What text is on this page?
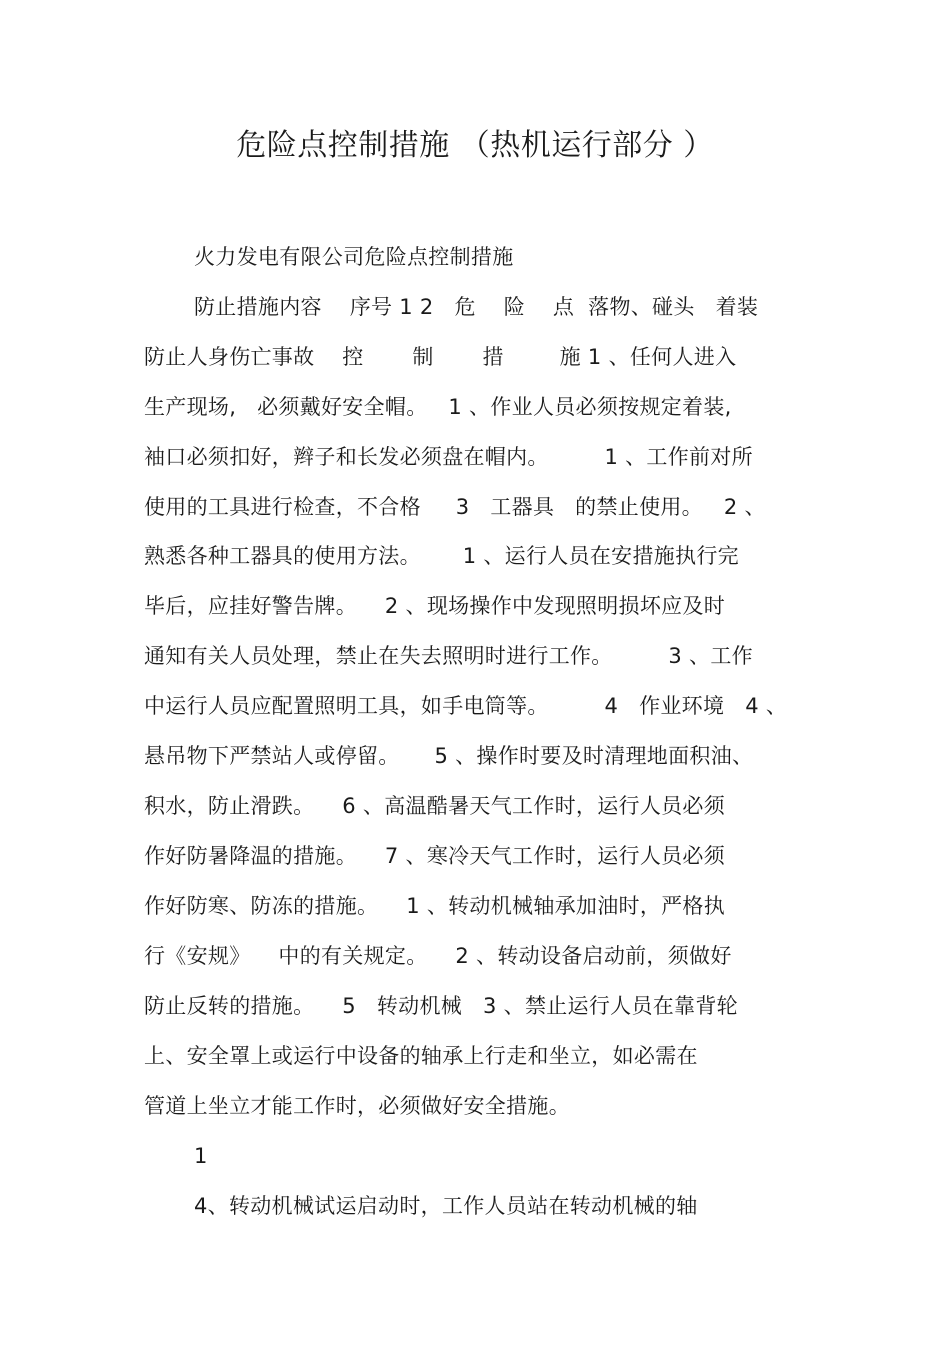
危险点控制措施 （热机运行部分 ）
火力发电有限公司危险点控制措施
防止措施内容    序号 1 2   危    险    点  落物、碰头   着装
防止人身伤亡事故    控       制       措        施 1 、任何人进入
生产现场,   必须戴好安全帽。   1 、作业人员必须按规定着装,
袖口必须扣好，辫子和长发必须盘在帽内。        1 、工作前对所
使用的工具进行检查，不合格     3   工器具   的禁止使用。   2 、
熟悉各种工器具的使用方法。      1 、运行人员在安措施执行完
毕后，应挂好警告牌。    2 、现场操作中发现照明损坏应及时
通知有关人员处理，禁止在失去照明时进行工作。        3 、工作
中运行人员应配置照明工具，如手电筒等。        4   作业环境   4 、
悬吊物下严禁站人或停留。     5 、操作时要及时清理地面积油、
积水，防止滑跌。    6 、高温酷暑天气工作时，运行人员必须
作好防暑降温的措施。    7 、寒冷天气工作时，运行人员必须
作好防寒、防冻的措施。    1 、转动机械轴承加油时，严格执
行《安规》    中的有关规定。    2 、转动设备启动前，须做好
防止反转的措施。    5   转动机械   3 、禁止运行人员在靠背轮
上、安全罩上或运行中设备的轴承上行走和坐立，如必需在
管道上坐立才能工作时，必须做好安全措施。
1
4、转动机械试运启动时，工作人员站在转动机械的轴
